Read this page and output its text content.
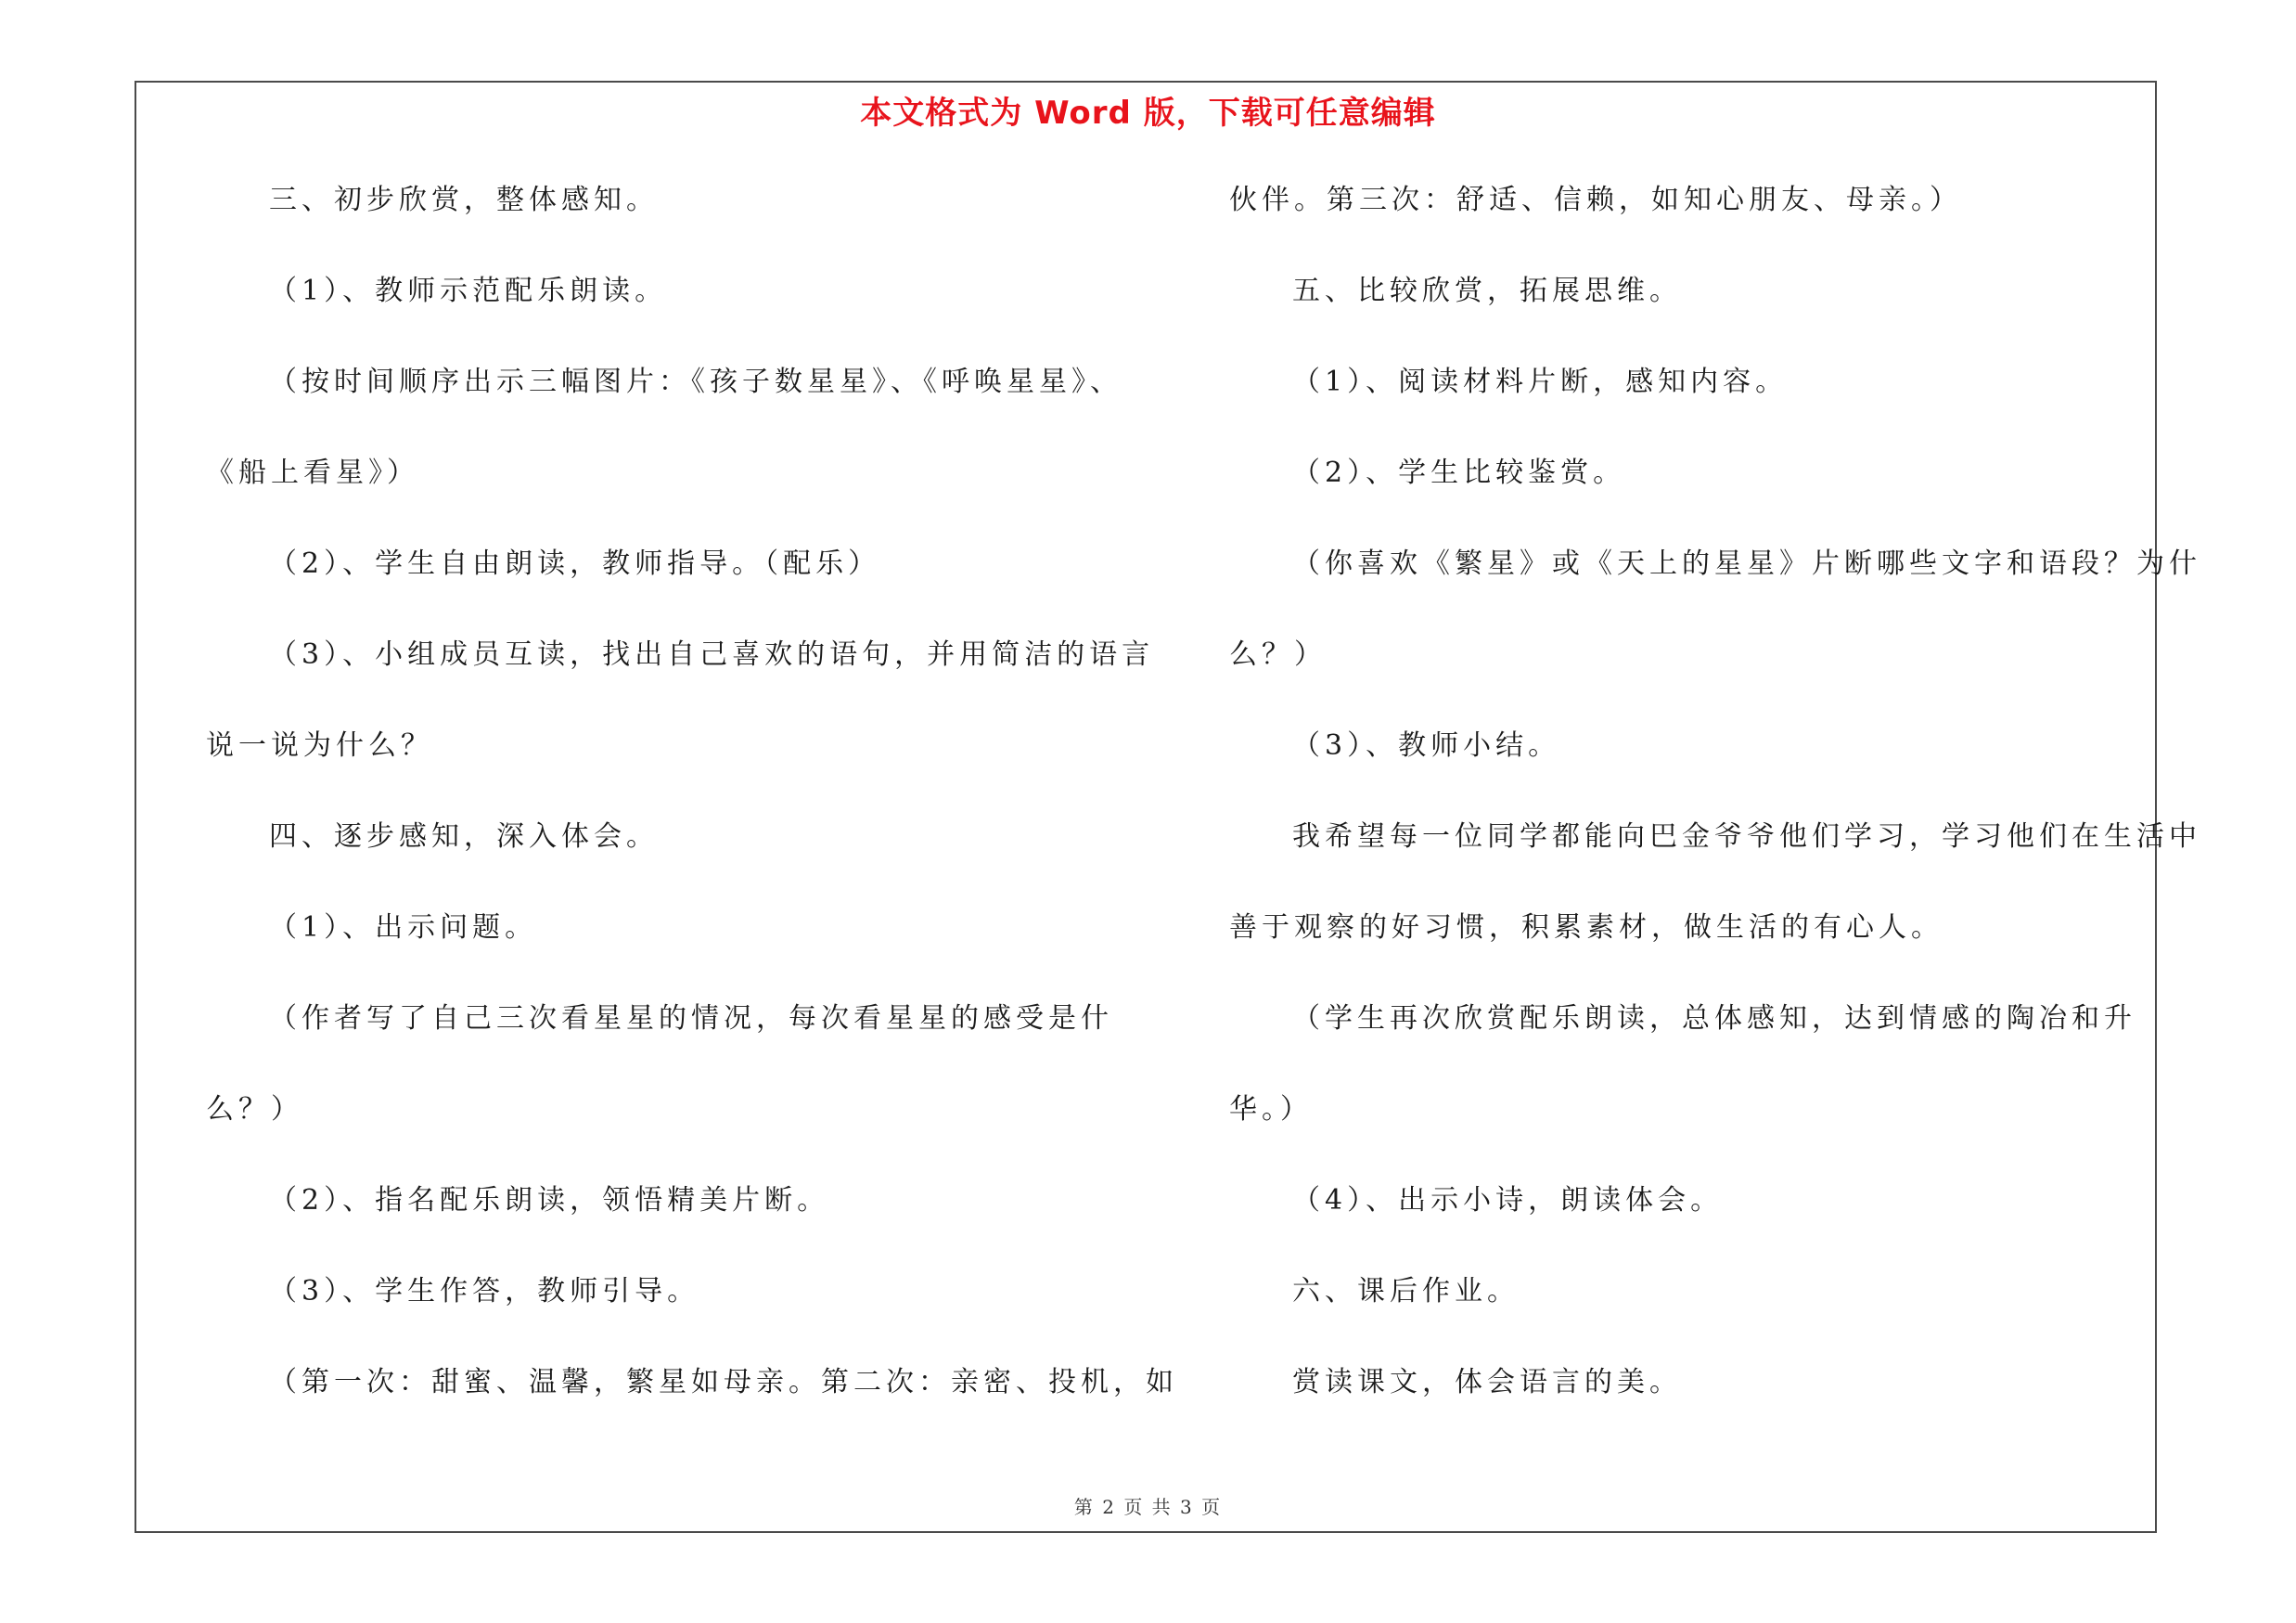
本文格式为 Word 版，下载可任意编辑
三、初步欣赏，整体感知。
（1）、教师示范配乐朗读。
（按时间顺序出示三幅图片：《孩子数星星》、《呼唤星星》、
《船上看星》）
（2）、学生自由朗读，教师指导。（配乐）
（3）、小组成员互读，找出自己喜欢的语句，并用简洁的语言
说一说为什么？
四、逐步感知，深入体会。
（1）、出示问题。
（作者写了自己三次看星星的情况，每次看星星的感受是什
么？）
（2）、指名配乐朗读，领悟精美片断。
（3）、学生作答，教师引导。
（第一次：甜蜜、温馨，繁星如母亲。第二次：亲密、投机，如
伙伴。第三次：舒适、信赖，如知心朋友、母亲。）
五、比较欣赏，拓展思维。
（1）、阅读材料片断，感知内容。
（2）、学生比较鉴赏。
（你喜欢《繁星》或《天上的星星》片断哪些文字和语段？为什
么？）
（3）、教师小结。
我希望每一位同学都能向巴金爷爷他们学习，学习他们在生活中
善于观察的好习惯，积累素材，做生活的有心人。
（学生再次欣赏配乐朗读，总体感知，达到情感的陶冶和升
华。）
（4）、出示小诗，朗读体会。
六、课后作业。
赏读课文，体会语言的美。
第 2 页 共 3 页
